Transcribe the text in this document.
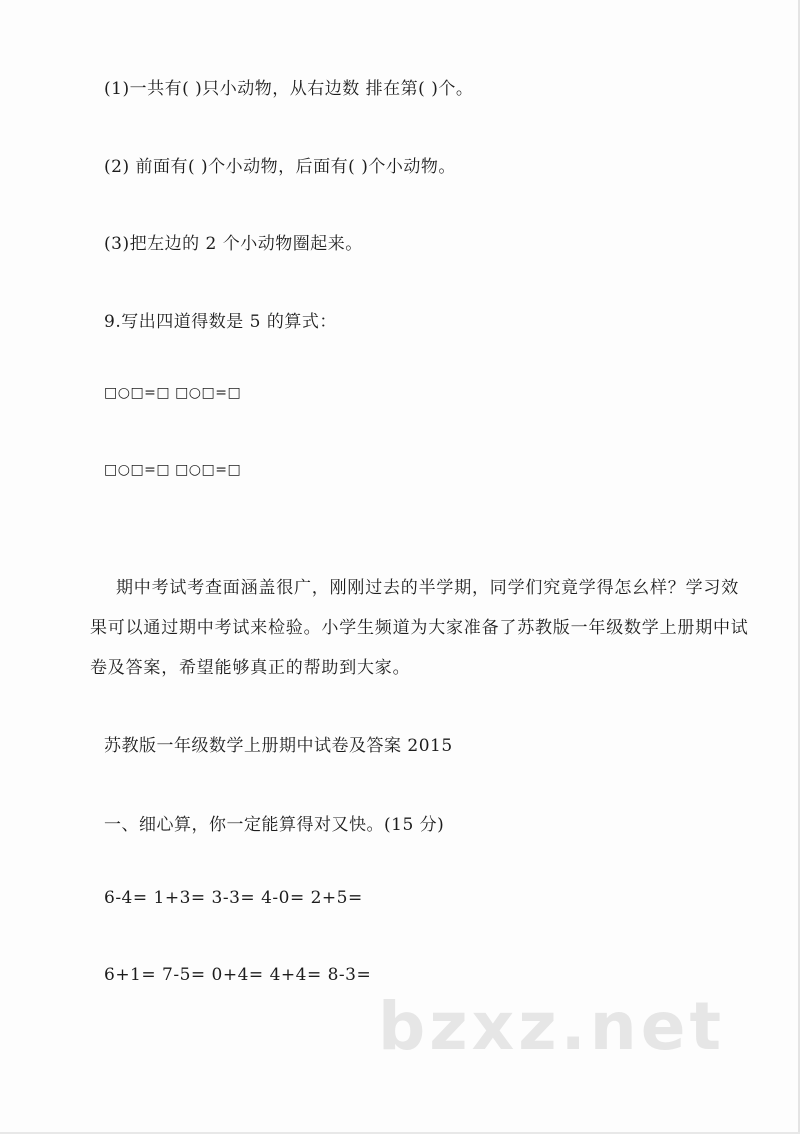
(1)一共有( )只小动物，从右边数 排在第( )个。
(2) 前面有( )个小动物，后面有( )个小动物。
(3)把左边的 2 个小动物圈起来。
9.写出四道得数是 5 的算式：
□○□=□ □○□=□
□○□=□ □○□=□

期中考试考查面涵盖很广，刚刚过去的半学期，同学们究竟学得怎幺样？学习效果可以通过期中考试来检验。小学生频道为大家准备了苏教版一年级数学上册期中试卷及答案，希望能够真正的帮助到大家。

苏教版一年级数学上册期中试卷及答案 2015
一、细心算，你一定能算得对又快。(15 分)
6-4= 1+3= 3-3= 4-0= 2+5=
6+1= 7-5= 0+4= 4+4= 8-3=
bzxz.net
